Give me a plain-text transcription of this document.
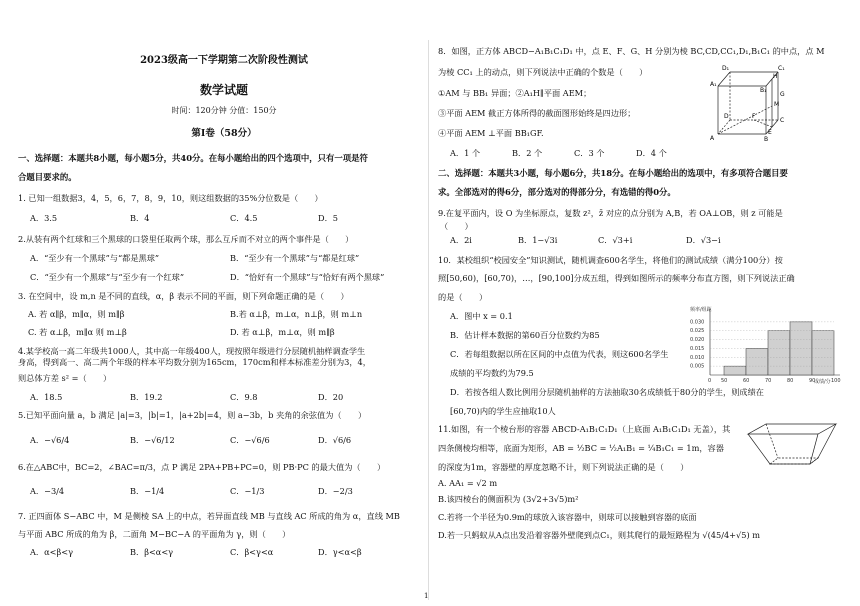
2023级高一下学期第二次阶段性测试
数学试题
时间：120分钟 分值：150分
第Ⅰ卷（58分）
一、选择题：本题共8小题，每小题5分，共40分。在每小题给出的四个选项中，只有一项是符
合题目要求的。
1. 已知一组数据3，4，5，6，7，8，9，10，则这组数据的35%分位数是（　　）
A．3.5	B．4	C．4.5	D．5
2.从装有两个红球和三个黑球的口袋里任取两个球，那么互斥而不对立的两个事件是（　　）
A．“至少有一个黑球”与“都是黑球”	B．“至少有一个黑球”与“都是红球”
C．“至少有一个黑球”与“至少有一个红球”	D．“恰好有一个黑球”与“恰好有两个黑球”
3. 在空间中，设 m,n 是不同的直线，α，β 表示不同的平面，则下列命题正确的是（　　）
A. 若 α∥β，m∥α，则 m∥β	B.若 α⊥β，m⊥α，n⊥β，则 m⊥n
C. 若 α⊥β，m∥α 则 m⊥β	D. 若 α⊥β，m⊥α，则 m∥β
4.某学校高一高二年级共1000人，其中高一年级400人，现按照年级进行分层随机抽样调查学生
身高，得到高一、高二两个年级的样本平均数分别为165cm，170cm和样本标准差分别为3，4，
则总体方差 s² =（　　）
A．18.5	B．19.2	C．9.8	D．20
5.已知平面向量 a，b 满足 |a|=3，|b|=1，|a+2b|=4，则 a−3b，b 夹角的余弦值为（　　）
A．−√6/4	B．−√6/12	C．−√6/6	D．√6/6
6.在△ABC中，BC=2，∠BAC=π/3，点 P 满足 2PA+PB+PC=0，则 PB·PC 的最大值为（　　）
A．−3/4	B．−1/4	C．−1/3	D．−2/3
7. 正四面体 S−ABC 中，M 是侧棱 SA 上的中点，若异面直线 MB 与直线 AC 所成的角为 α，直线 MB
与平面 ABC 所成的角为 β，二面角 M−BC−A 的平面角为 γ，则（　　）
A．α<β<γ	B．β<α<γ	C．β<γ<α	D．γ<α<β
8．如图，正方体 ABCD−A₁B₁C₁D₁ 中，点 E、F、G、H 分别为棱 BC,CD,CC₁,D₁,B₁C₁ 的中点，点 M
为棱 CC₁ 上的动点，则下列说法中正确的个数是（　　）
①AM 与 BB₁ 异面；②A₁H∥平面 AEM；
③平面 AEM 截正方体所得的截面图形始终是四边形；
④平面 AEM ⊥平面 BB₁GF.
A．1 个	B．2 个	C．3 个	D．4 个
D₁	C₁
A₁
B₁
H
G
D	F
C
M
A
E
B
二、选择题：本题共3小题，每小题6分，共18分。在每小题给出的选项中，有多项符合题目要
求。全部选对的得6分，部分选对的得部分分，有选错的得0分。
9.在复平面内，设 O 为坐标原点，复数 z²，z̄ 对应的点分别为 A,B，若 OA⊥OB，则 z 可能是
（　　）
A．2i	B．1−√3i	C．√3+i	D．√3−i
10．某校组织“校园安全”知识测试，随机调查600名学生，将他们的测试成绩（满分100分）按
照[50,60)，[60,70)，…，[90,100]分成五组，得到如图所示的频率分布直方图，则下列说法正确
的是（　　）
A．图中 x = 0.1
B．估计样本数据的第60百分位数约为85
C．若每组数据以所在区间的中点值为代表，则这600名学生
成绩的平均数约为79.5
D．若按各组人数比例用分层随机抽样的方法抽取30名成绩低于80分的学生，则成绩在
[60,70)内的学生应抽取10人
频率/组距
成绩/分
0.030
0.025
0.020
0.015
0.010
0.005
0 50	60	70	80	90	100
11.如图，有一个棱台形的容器 ABCD-A₁B₁C₁D₁（上底面 A₁B₁C₁D₁ 无盖），其
四条侧棱均相等，底面为矩形，AB = ½BC = ½A₁B₁ = ¼B₁C₁ = 1m，容器
的深度为1m，容器壁的厚度忽略不计，则下列说法正确的是（　　）
A. AA₁ = √2 m
B.该四棱台的侧面积为 (3√2+3√5)m²
C.若将一个半径为0.9m的球放入该容器中，则球可以接触到容器的底面
D.若一只蚂蚁从A点出发沿着容器外壁爬到点C₁，则其爬行的最短路程为 √(45/4+√5) m
1
